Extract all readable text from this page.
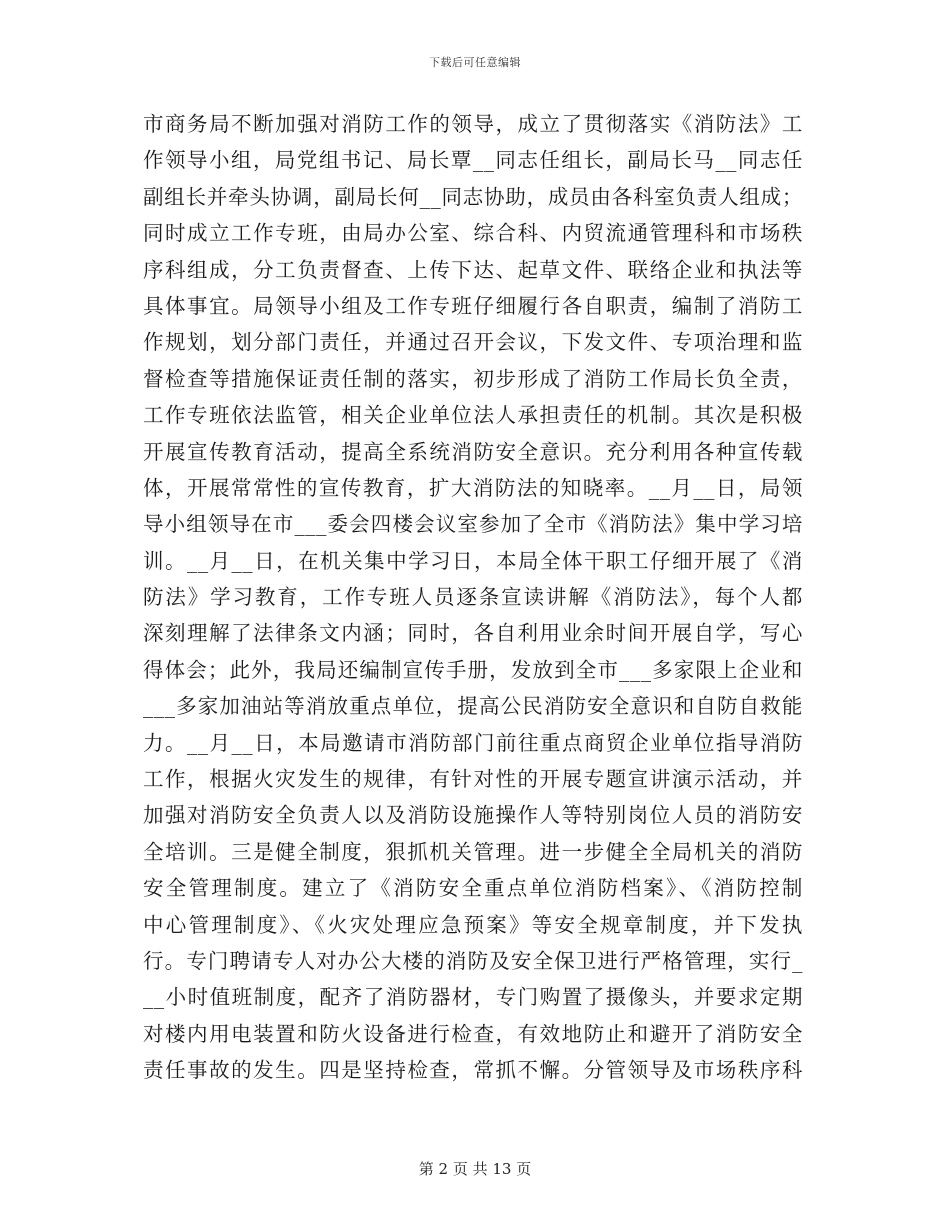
下载后可任意编辑
市商务局不断加强对消防工作的领导，成立了贯彻落实《消防法》工
作领导小组，局党组书记、局长覃__同志任组长，副局长马__同志任
副组长并牵头协调，副局长何__同志协助，成员由各科室负责人组成；
同时成立工作专班，由局办公室、综合科、内贸流通管理科和市场秩
序科组成，分工负责督查、上传下达、起草文件、联络企业和执法等
具体事宜。局领导小组及工作专班仔细履行各自职责，编制了消防工
作规划，划分部门责任，并通过召开会议，下发文件、专项治理和监
督检查等措施保证责任制的落实，初步形成了消防工作局长负全责，
工作专班依法监管，相关企业单位法人承担责任的机制。其次是积极
开展宣传教育活动，提高全系统消防安全意识。充分利用各种宣传载
体，开展常常性的宣传教育，扩大消防法的知晓率。__月__日，局领
导小组领导在市___委会四楼会议室参加了全市《消防法》集中学习培
训。__月__日，在机关集中学习日，本局全体干职工仔细开展了《消
防法》学习教育，工作专班人员逐条宣读讲解《消防法》，每个人都
深刻理解了法律条文内涵；同时，各自利用业余时间开展自学，写心
得体会；此外，我局还编制宣传手册，发放到全市___多家限上企业和
___多家加油站等消放重点单位，提高公民消防安全意识和自防自救能
力。__月__日，本局邀请市消防部门前往重点商贸企业单位指导消防
工作，根据火灾发生的规律，有针对性的开展专题宣讲演示活动，并
加强对消防安全负责人以及消防设施操作人等特别岗位人员的消防安
全培训。三是健全制度，狠抓机关管理。进一步健全全局机关的消防
安全管理制度。建立了《消防安全重点单位消防档案》、《消防控制
中心管理制度》、《火灾处理应急预案》等安全规章制度，并下发执
行。专门聘请专人对办公大楼的消防及安全保卫进行严格管理，实行_
__小时值班制度，配齐了消防器材，专门购置了摄像头，并要求定期
对楼内用电装置和防火设备进行检查，有效地防止和避开了消防安全
责任事故的发生。四是坚持检查，常抓不懈。分管领导及市场秩序科
第 2 页 共 13 页
